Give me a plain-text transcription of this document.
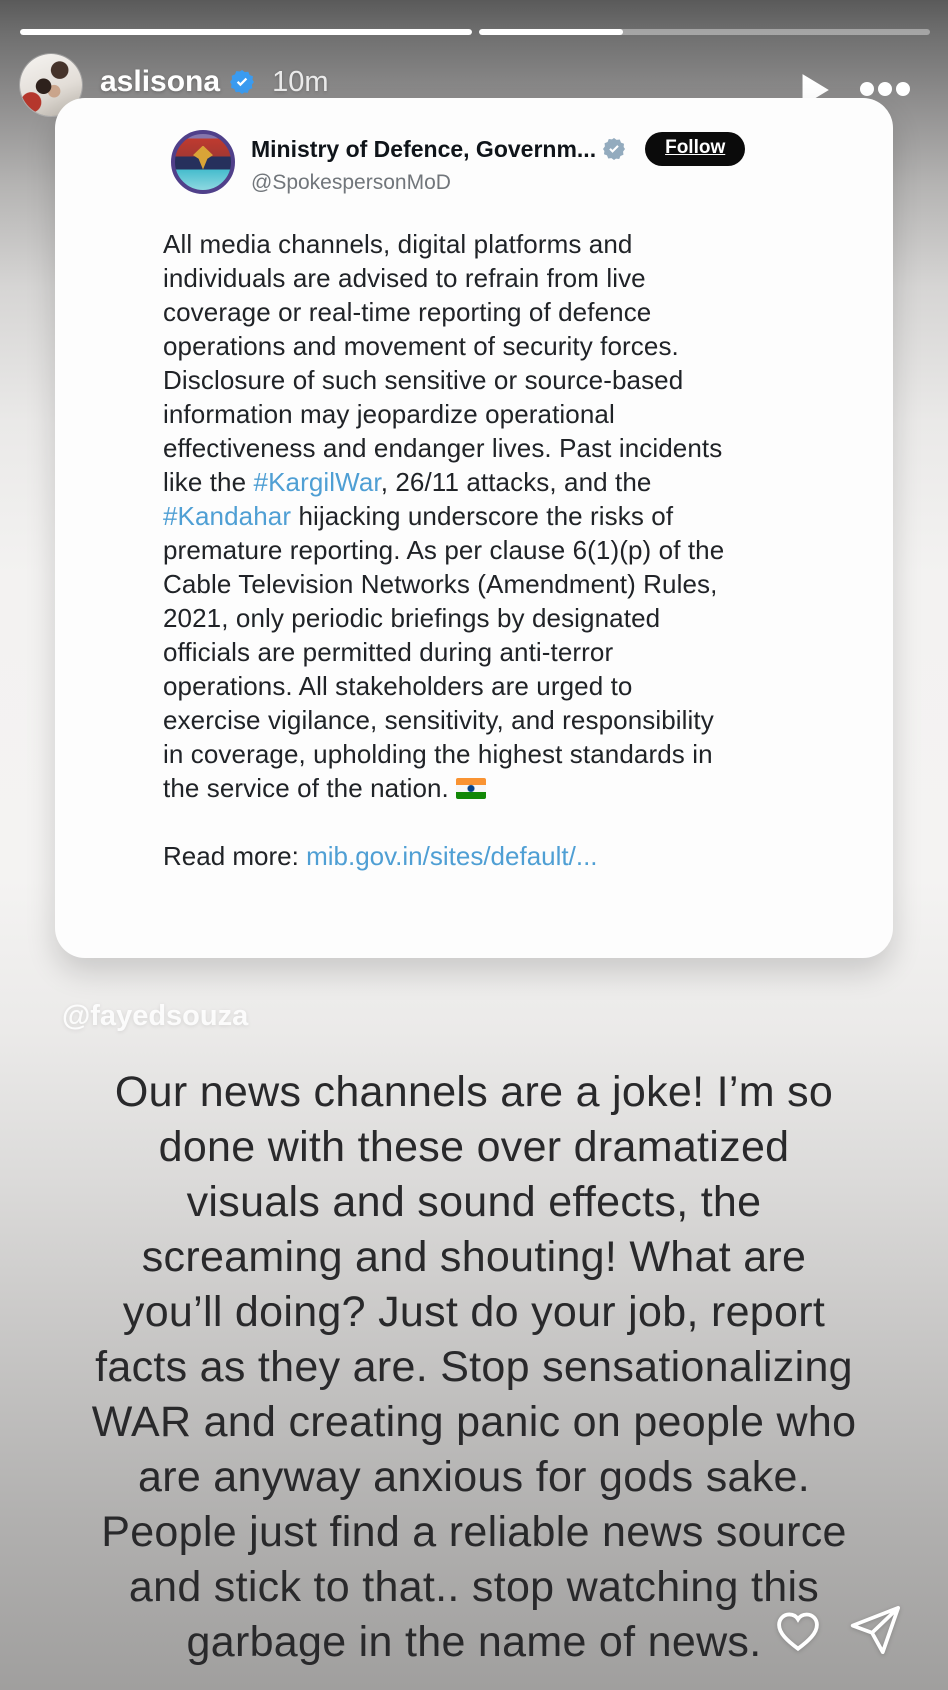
aslisona 10m
Ministry of Defence, Governm...	Follow
@SpokespersonMoD

All media channels, digital platforms and individuals are advised to refrain from live coverage or real-time reporting of defence operations and movement of security forces. Disclosure of such sensitive or source-based information may jeopardize operational effectiveness and endanger lives. Past incidents like the #KargilWar, 26/11 attacks, and the #Kandahar hijacking underscore the risks of premature reporting. As per clause 6(1)(p) of the Cable Television Networks (Amendment) Rules, 2021, only periodic briefings by designated officials are permitted during anti-terror operations. All stakeholders are urged to exercise vigilance, sensitivity, and responsibility in coverage, upholding the highest standards in the service of the nation.

Read more: mib.gov.in/sites/default/...

@fayedsouza
Our news channels are a joke! I’m so
done with these over dramatized
visuals and sound effects, the
screaming and shouting! What are
you’ll doing? Just do your job, report
facts as they are. Stop sensationalizing
WAR and creating panic on people who
are anyway anxious for gods sake.
People just find a reliable news source
and stick to that.. stop watching this
garbage in the name of news.
